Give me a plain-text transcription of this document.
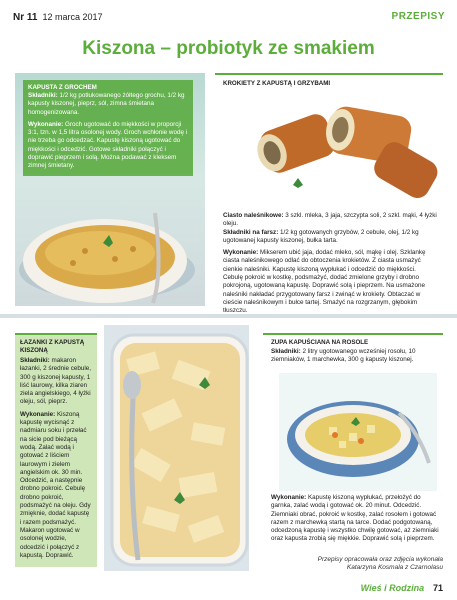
Nr 11 12 marca 2017	PRZEPISY
Kiszona – probiotyk ze smakiem
KAPUSTA Z GROCHEM
Składniki: 1/2 kg potłukowanego żółtego grochu, 1/2 kg kapusty kiszonej, pieprz, sól, zimna śmietana homogenizowana.
Wykonanie: Groch ugotować do miękkości w proporcji 3:1, tzn. w 1,5 litra osolonej wody. Groch wchłonie wodę i nie trzeba go odcedzać. Kapustę kiszoną ugotować do miękkości i odcedzić. Gotowe składniki połączyć i doprawić pieprzem i solą. Można podawać z kleksem zimnej śmietany.
KROKIETY Z KAPUSTĄ I GRZYBAMI
Ciasto naleśnikowe: 3 szkl. mleka, 3 jaja, szczypta soli, 2 szkl. mąki, 4 łyżki oleju.
Składniki na farsz: 1/2 kg gotowanych grzybów, 2 cebule, olej, 1/2 kg ugotowanej kapusty kiszonej, bułka tarta.
Wykonanie: Mikserem ubić jaja, dodać mleko, sól, mąkę i olej. Szklankę ciasta naleśnikowego odlać do obtoczenia krokietów. Z ciasta usmażyć cienkie naleśniki. Kapustę kiszoną wypłukać i odcedzić do miękkości. Cebulę pokroić w kostkę, podsmażyć, dodać zmielone grzyby i drobno pokrojoną, ugotowaną kapustę. Doprawić solą i pieprzem. Na usmażone naleśniki nakładać przygotowany farsz i zwinąć w krokiety. Obtaczać w cieście naleśnikowym i bułce tartej. Smażyć na rozgrzanym, głębokim tłuszczu.
ŁAZANKI Z KAPUSTĄ KISZONĄ
Składniki: makaron łazanki, 2 średnie cebule, 300 g kiszonej kapusty, 1 liść laurowy, kilka ziaren ziela angielskiego, 4 łyżki oleju, sól, pieprz.
Wykonanie: Kiszoną kapustę wycisnąć z nadmiaru soku i przełać na sicie pod bieżącą wodą. Zalać wodą i gotować z liściem laurowym i zielem angielskim ok. 30 min. Odcedzić, a następnie drobno pokroić. Cebulę drobno pokroić, podsmażyć na oleju. Gdy zmięknie, dodać kapustę i razem podsmażyć. Makaron ugotować w osolonej wodzie, odcedzić i połączyć z kapustą. Doprawić.
ZUPA KAPUŚCIANA NA ROSOLE
Składniki: 2 litry ugotowanego wcześniej rosołu, 10 ziemniaków, 1 marchewka, 300 g kapusty kiszonej.
Wykonanie: Kapustę kiszoną wypłukać, przełożyć do garnka, zalać wodą i gotować ok. 20 minut. Odcedzić. Ziemniaki obrać, pokroić w kostkę, zalać rosołem i gotować razem z marchewką startą na tarce. Dodać podgotowaną, odcedzoną kapustę i wszystko chwilę gotować, aż ziemniaki oraz kapusta zrobią się miękkie. Doprawić solą i pieprzem.
Przepisy opracowała oraz zdjęcia wykonała
Katarzyna Kosmala z Czarnolasu
Wieś i Rodzina 71
